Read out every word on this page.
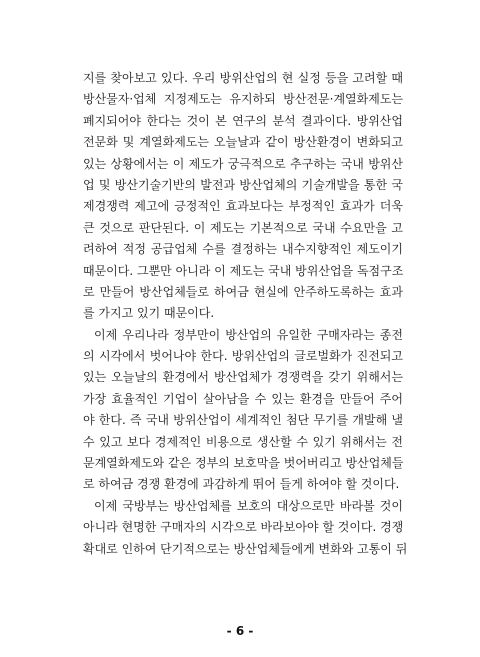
지를 찾아보고 있다. 우리 방위산업의 현 실정 등을 고려할 때
방산물자·업체 지정제도는 유지하되 방산전문·계열화제도는
폐지되어야 한다는 것이 본 연구의 분석 결과이다. 방위산업
전문화 및 계열화제도는 오늘날과 같이 방산환경이 변화되고
있는 상황에서는 이 제도가 궁극적으로 추구하는 국내 방위산
업 및 방산기술기반의 발전과 방산업체의 기술개발을 통한 국
제경쟁력 제고에 긍정적인 효과보다는 부정적인 효과가 더욱
큰 것으로 판단된다. 이 제도는 기본적으로 국내 수요만을 고
려하여 적정 공급업체 수를 결정하는 내수지향적인 제도이기
때문이다. 그뿐만 아니라 이 제도는 국내 방위산업을 독점구조
로 만들어 방산업체들로 하여금 현실에 안주하도록하는 효과
를 가지고 있기 때문이다.
이제 우리나라 정부만이 방산업의 유일한 구매자라는 종전
의 시각에서 벗어나야 한다. 방위산업의 글로벌화가 진전되고
있는 오늘날의 환경에서 방산업체가 경쟁력을 갖기 위해서는
가장 효율적인 기업이 살아남을 수 있는 환경을 만들어 주어
야 한다. 즉 국내 방위산업이 세계적인 첨단 무기를 개발해 낼
수 있고 보다 경제적인 비용으로 생산할 수 있기 위해서는 전
문계열화제도와 같은 정부의 보호막을 벗어버리고 방산업체들
로 하여금 경쟁 환경에 과감하게 뛰어 들게 하여야 할 것이다.
이제 국방부는 방산업체를 보호의 대상으로만 바라볼 것이
아니라 현명한 구매자의 시각으로 바라보아야 할 것이다. 경쟁
확대로 인하여 단기적으로는 방산업체들에게 변화와 고통이 뒤
- 6 -
